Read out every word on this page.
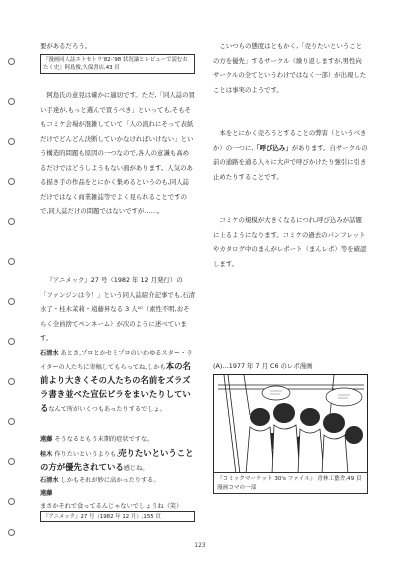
要があるだろう。

『漫画同人誌エトセトラ’82-’98 状況論とレビューで読むおたく史』阿島俊,久保書店,43 頁

阿島氏の意見は確かに適切です。ただ,「同人誌の買い手達が,もっと選んで買うべき」といっても,そもそもコミケ会場が混雑していて「人の流れにそって表紙だけでどんどん決断していかなければいけない」という構造的問題も原因の一つなので,各人の意識も高めるだけではどうしようもない面があります。人気のある描き手の作品をとにかく集めるというのも,同人誌だけではなく商業雑誌等でよく見られることですので,同人誌だけの問題ではないですが……。

『アニメック』27 号（1982 年 12 月発行）の「ファンジンは今！」という同人誌紹介記事でも,石清水了・桂木茉莉・遠藤昇なる 3 人¹⁰（素性不明,おそらく全員捨てペンネーム）が次のように述べています。

石清水 あとさ,プロとかセミプロのいわゆるスター・ライターの人たちに寄稿してもらってね,しかも本の名前より大きくその人たちの名前をズラズラ書き並べた宣伝ビラをまいたりしているなんて所がいくつもあったりするでしょ。
遠藤 そうなるともう末期的症状ですな。
桂木 作りたいというよりも,売りたいということの方が優先されている感じね。
石清水 しかもそれが妙に高かったりする。
遠藤 まさかそれで食ってるんじゃないでしょうね（笑）
『アニメック』27 号（1982 年 12 月）,155 頁

こいつらの態度はともかく,「売りたいということの方を優先」するサークル（繰り返しますが,男性向サークルの全てというわけではなく一部）が出現したことは事実のようです。

本をとにかく売ろうとすることの弊害（というべきか）の一つに,「呼び込み」があります。自サークルの前の通路を通る人々に大声で呼びかけたり強引に引き止めたりすることです。

コミケの規模が大きくなるにつれ,呼び込みが話題に上るようになります。コミケの過去のパンフレットやカタログ中のまんがレポート（まんレポ）等を確認します。

(A)…1977 年 7 月 C6 のレポ漫画
『コミックマーケット 30's ファイル』 青林工藝舎,49 頁 漫画コマの一部
123
